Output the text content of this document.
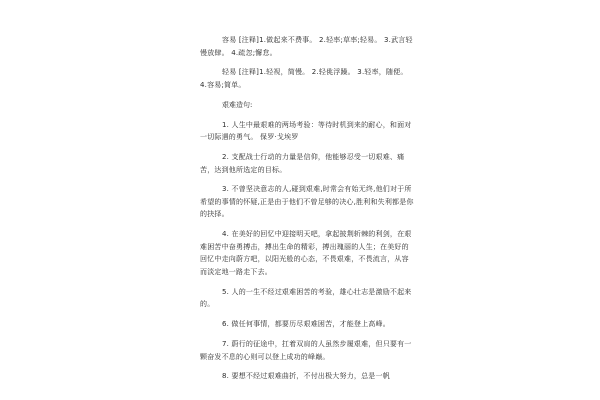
容易 [注释]1.做起来不费事。 2.轻率;草率;轻易。 3.武言轻慢放肆。 4.疏忽;懈怠。

轻易 [注释]1.轻视，简慢。 2.轻佻浮躁。 3.轻率，随便。 4.容易;简单。

艰难造句:

1. 人生中最艰难的两场考验：等待时机到来的耐心，和面对一切际遇的勇气。 保罗·戈埃罗

2. 支配战士行动的力量是信仰，他能够忍受一切艰难、痛苦，达到他所选定的目标。

3. 不曾坚决意志的人,碰到艰难,时常会有始无终,他们对于所希望的事情的怀疑,正是由于他们不曾足够的决心,胜利和失利都是你的抉择。

4. 在美好的回忆中迎接明天吧，拿起披荆斩棘的利剑，在艰难困苦中奋勇搏击，搏出生命的精彩，搏出瑰丽的人生；在美好的回忆中走向蔚方吧，以阳光般的心态，不畏艰难，不畏流言，从容而淡定地一路走下去。

5. 人的一生不经过艰难困苦的考验，雄心壮志是激励不起来的。

6. 做任何事情，都要历尽艰难困苦，才能登上高峰。

7. 蔚行的征途中，扛着双肩的人虽然步履艰难，但只要有一颗奋发不息的心则可以登上成功的峰巅。

8. 要想不经过艰难曲折，不付出极大努力，总是一帆
